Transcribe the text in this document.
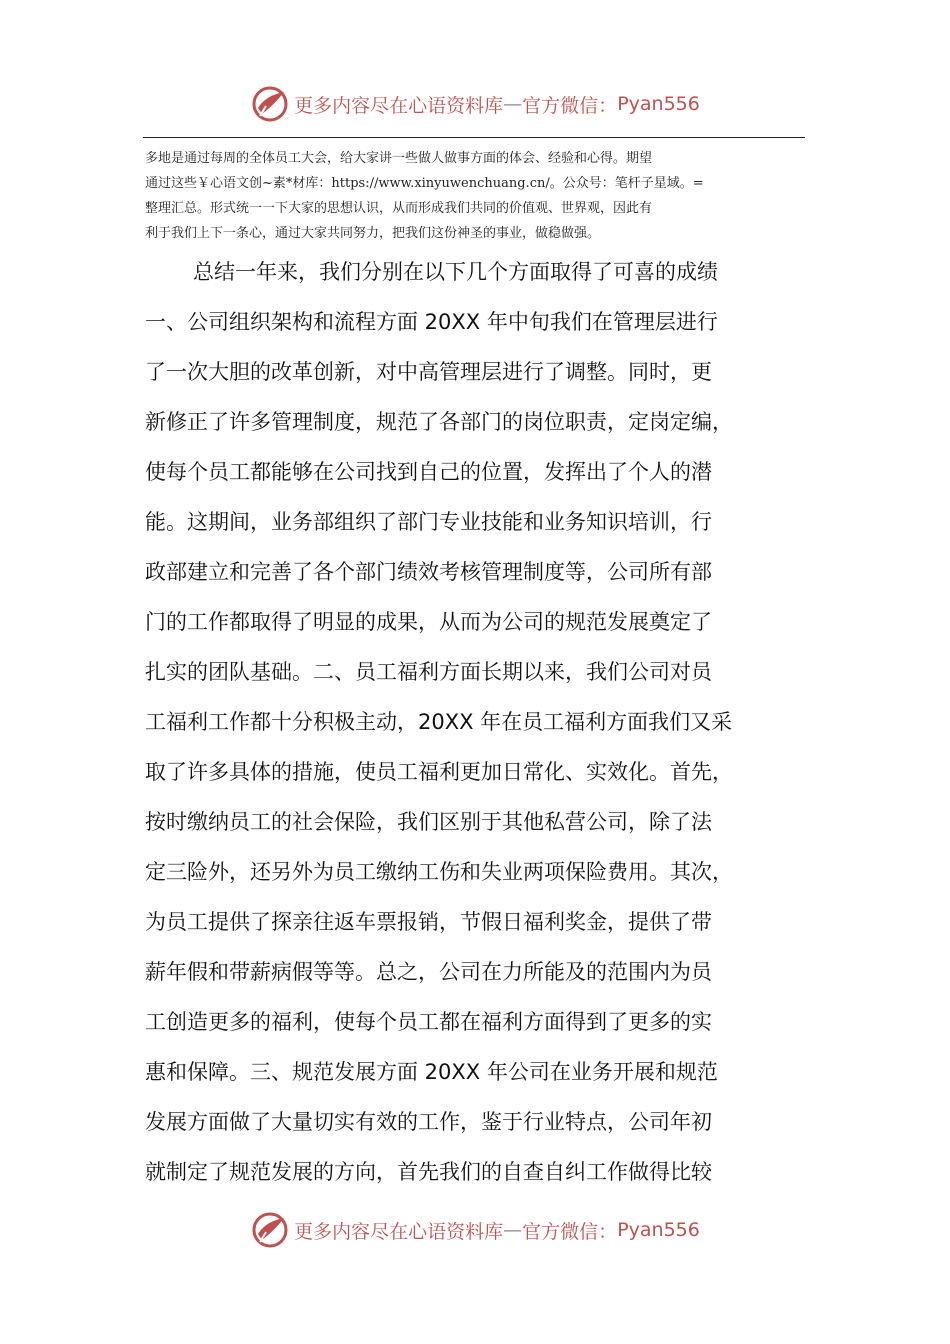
更多内容尽在心语资料库 — 官方微信： Pyan556

多地是通过每周的全体员工大会，给大家讲一些做人做事方面的体会、经验和心得。期望
通过这些￥心语文创~素*材库：https://www.xinyuwenchuang.cn/。公众号：笔杆子星域。=
整理汇总。形式统一一下大家的思想认识，从而形成我们共同的价值观、世界观，因此有
利于我们上下一条心，通过大家共同努力，把我们这份神圣的事业，做稳做强。

总结一年来，我们分别在以下几个方面取得了可喜的成绩
一、公司组织架构和流程方面 20XX 年中旬我们在管理层进行
了一次大胆的改革创新，对中高管理层进行了调整。同时，更
新修正了许多管理制度，规范了各部门的岗位职责，定岗定编，
使每个员工都能够在公司找到自己的位置，发挥出了个人的潜
能。这期间，业务部组织了部门专业技能和业务知识培训，行
政部建立和完善了各个部门绩效考核管理制度等，公司所有部
门的工作都取得了明显的成果，从而为公司的规范发展奠定了
扎实的团队基础。二、员工福利方面长期以来，我们公司对员
工福利工作都十分积极主动，20XX 年在员工福利方面我们又采
取了许多具体的措施，使员工福利更加日常化、实效化。首先，
按时缴纳员工的社会保险，我们区别于其他私营公司，除了法
定三险外，还另外为员工缴纳工伤和失业两项保险费用。其次，
为员工提供了探亲往返车票报销，节假日福利奖金，提供了带
薪年假和带薪病假等等。总之，公司在力所能及的范围内为员
工创造更多的福利，使每个员工都在福利方面得到了更多的实
惠和保障。三、规范发展方面 20XX 年公司在业务开展和规范
发展方面做了大量切实有效的工作，鉴于行业特点，公司年初
就制定了规范发展的方向，首先我们的自查自纠工作做得比较
更多内容尽在心语资料库 — 官方微信： Pyan556
